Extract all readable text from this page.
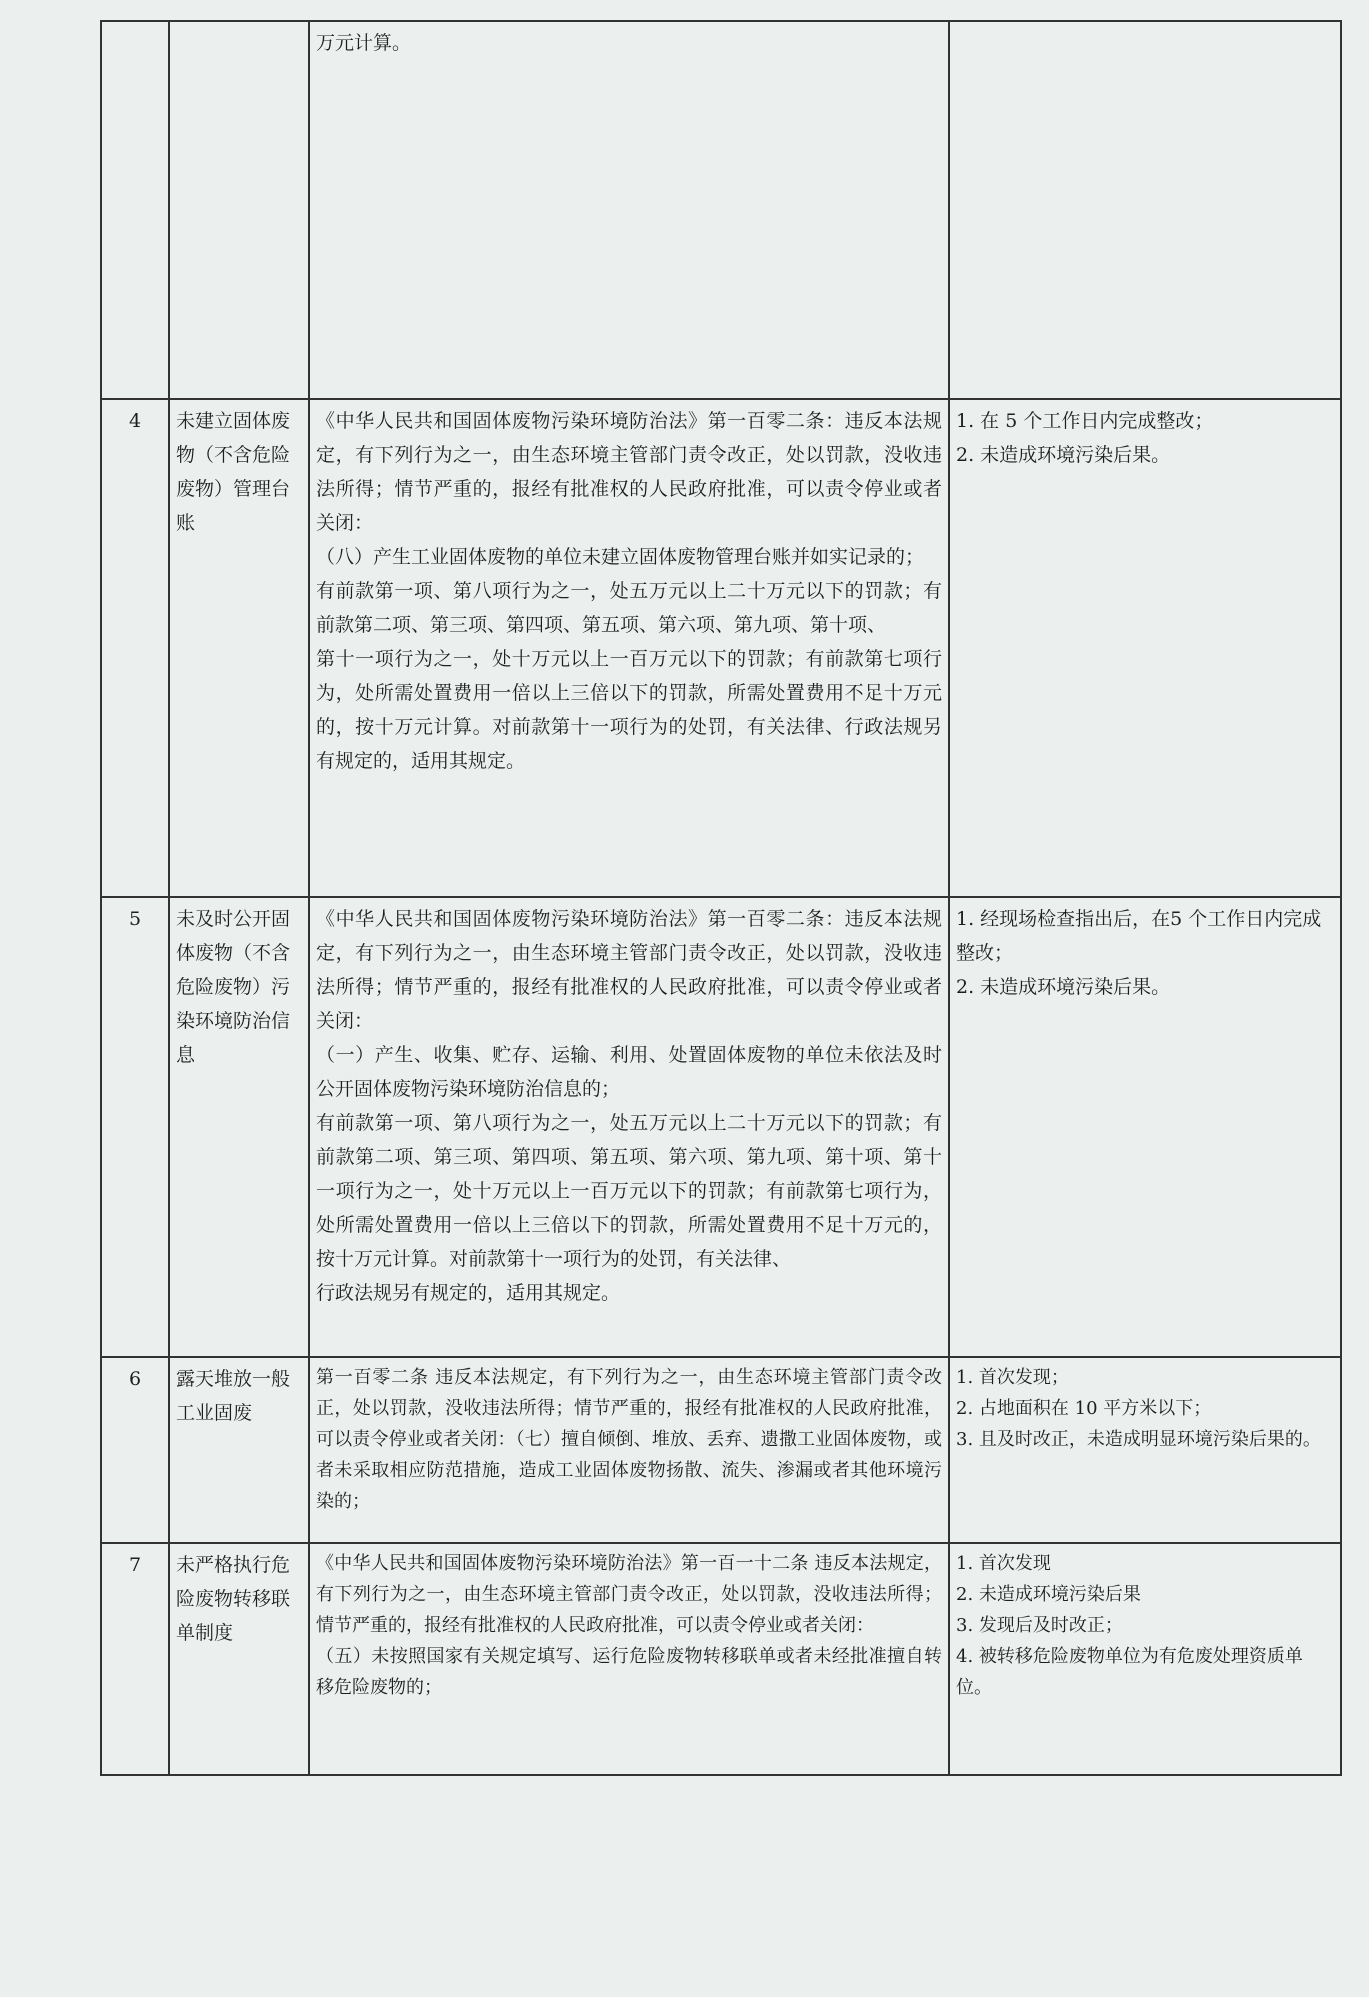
		万元计算。	

4	未建立固体废物（不含危险废物）管理台账	《中华人民共和国固体废物污染环境防治法》第一百零二条：违反本法规定，有下列行为之一，由生态环境主管部门责令改正，处以罚款，没收违法所得；情节严重的，报经有批准权的人民政府批准，可以责令停业或者关闭：
（八）产生工业固体废物的单位未建立固体废物管理台账并如实记录的；
有前款第一项、第八项行为之一，处五万元以上二十万元以下的罚款；有前款第二项、第三项、第四项、第五项、第六项、第九项、第十项、
第十一项行为之一，处十万元以上一百万元以下的罚款；有前款第七项行为，处所需处置费用一倍以上三倍以下的罚款，所需处置费用不足十万元的，按十万元计算。对前款第十一项行为的处罚，有关法律、行政法规另有规定的，适用其规定。	1. 在 5 个工作日内完成整改；
2. 未造成环境污染后果。

5	未及时公开固体废物（不含危险废物）污染环境防治信息	《中华人民共和国固体废物污染环境防治法》第一百零二条：违反本法规定，有下列行为之一，由生态环境主管部门责令改正，处以罚款，没收违法所得；情节严重的，报经有批准权的人民政府批准，可以责令停业或者关闭：
（一）产生、收集、贮存、运输、利用、处置固体废物的单位未依法及时公开固体废物污染环境防治信息的；
有前款第一项、第八项行为之一，处五万元以上二十万元以下的罚款；有前款第二项、第三项、第四项、第五项、第六项、第九项、第十项、第十一项行为之一，处十万元以上一百万元以下的罚款；有前款第七项行为，处所需处置费用一倍以上三倍以下的罚款，所需处置费用不足十万元的，按十万元计算。对前款第十一项行为的处罚，有关法律、
行政法规另有规定的，适用其规定。	1. 经现场检查指出后，在5 个工作日内完成整改；
2. 未造成环境污染后果。

6	露天堆放一般工业固废	第一百零二条 违反本法规定，有下列行为之一，由生态环境主管部门责令改正，处以罚款，没收违法所得；情节严重的，报经有批准权的人民政府批准，可以责令停业或者关闭：（七）擅自倾倒、堆放、丢弃、遗撒工业固体废物，或者未采取相应防范措施，造成工业固体废物扬散、流失、渗漏或者其他环境污染的；	1. 首次发现；
2. 占地面积在 10 平方米以下；
3. 且及时改正，未造成明显环境污染后果的。

7	未严格执行危险废物转移联单制度	《中华人民共和国固体废物污染环境防治法》第一百一十二条 违反本法规定，有下列行为之一，由生态环境主管部门责令改正，处以罚款，没收违法所得；情节严重的，报经有批准权的人民政府批准，可以责令停业或者关闭：
（五）未按照国家有关规定填写、运行危险废物转移联单或者未经批准擅自转移危险废物的；	1. 首次发现
2. 未造成环境污染后果
3. 发现后及时改正；
4. 被转移危险废物单位为有危废处理资质单位。
